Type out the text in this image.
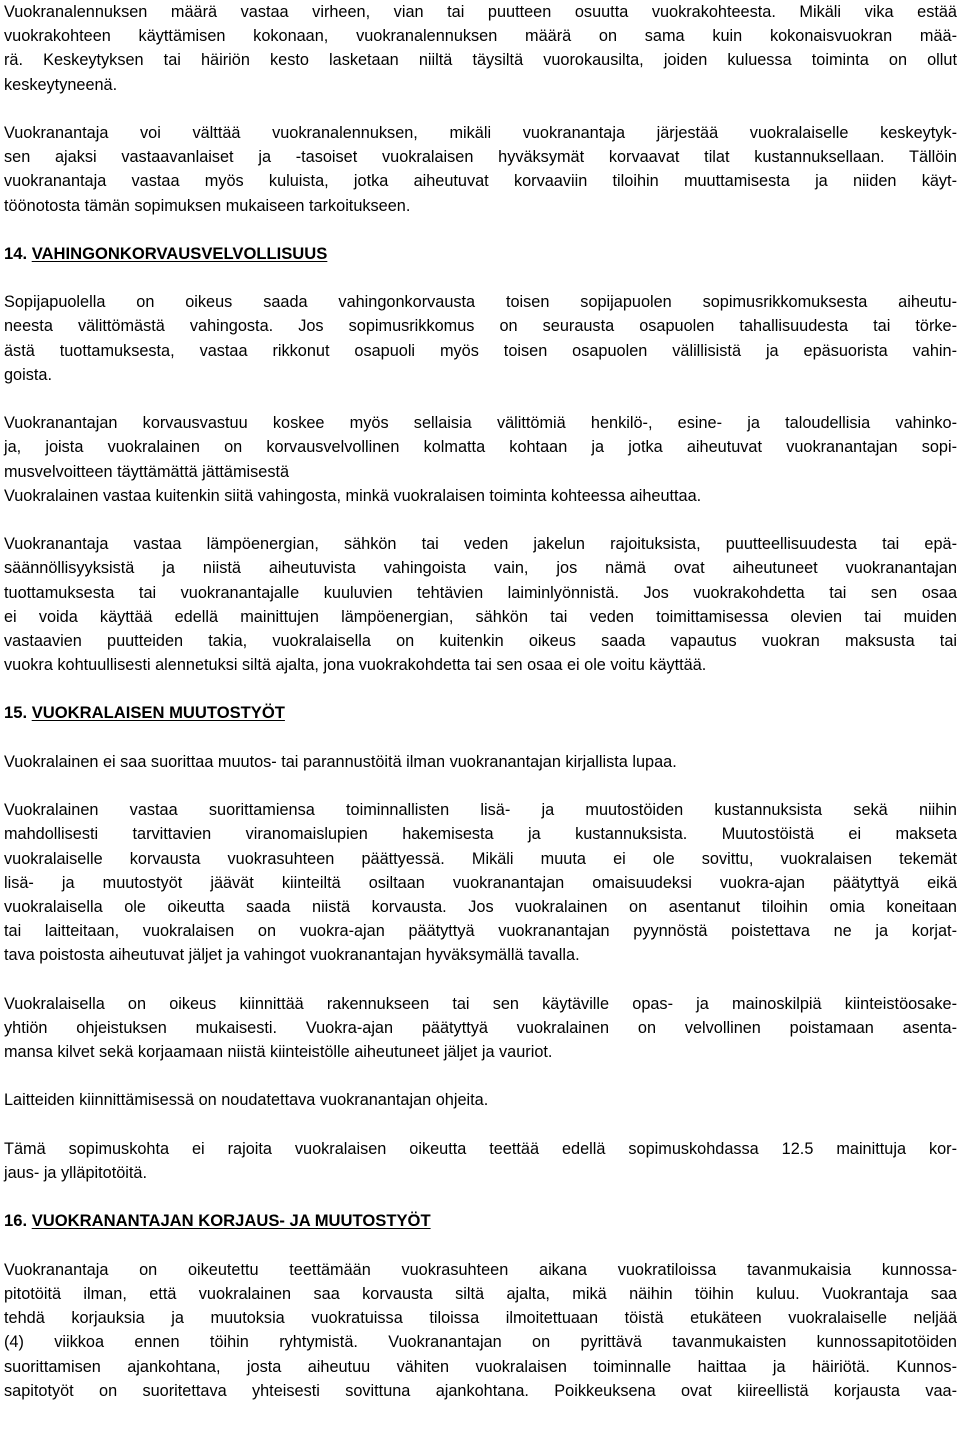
Vuokranalennuksen määrä vastaa virheen, vian tai puutteen osuutta vuokrakohteesta. Mikäli vika estää
vuokrakohteen käyttämisen kokonaan, vuokranalennuksen määrä on sama kuin kokonaisvuokran mää-
rä. Keskeytyksen tai häiriön kesto lasketaan niiltä täysiltä vuorokausilta, joiden kuluessa toiminta on ollut
keskeytyneenä.
Vuokranantaja voi välttää vuokranalennuksen, mikäli vuokranantaja järjestää vuokralaiselle keskeytyk-
sen ajaksi vastaavanlaiset ja -tasoiset vuokralaisen hyväksymät korvaavat tilat kustannuksellaan. Tällöin
vuokranantaja vastaa myös kuluista, jotka aiheutuvat korvaaviin tiloihin muuttamisesta ja niiden käyt-
töönotosta tämän sopimuksen mukaiseen tarkoitukseen.
14. VAHINGONKORVAUSVELVOLLISUUS
Sopijapuolella on oikeus saada vahingonkorvausta toisen sopijapuolen sopimusrikkomuksesta aiheutu-
neesta välittömästä vahingosta. Jos sopimusrikkomus on seurausta osapuolen tahallisuudesta tai törke-
ästä tuottamuksesta, vastaa rikkonut osapuoli myös toisen osapuolen välillisistä ja epäsuorista vahin-
goista.
Vuokranantajan korvausvastuu koskee myös sellaisia välittömiä henkilö-, esine- ja taloudellisia vahinko-
ja, joista vuokralainen on korvausvelvollinen kolmatta kohtaan ja jotka aiheutuvat vuokranantajan sopi-
musvelvoitteen täyttämättä jättämisestä
Vuokralainen vastaa kuitenkin siitä vahingosta, minkä vuokralaisen toiminta kohteessa aiheuttaa.
Vuokranantaja vastaa lämpöenergian, sähkön tai veden jakelun rajoituksista, puutteellisuudesta tai epä-
säännöllisyyksistä ja niistä aiheutuvista vahingoista vain, jos nämä ovat aiheutuneet vuokranantajan
tuottamuksesta tai vuokranantajalle kuuluvien tehtävien laiminlyönnistä. Jos vuokrakohdetta tai sen osaa
ei voida käyttää edellä mainittujen lämpöenergian, sähkön tai veden toimittamisessa olevien tai muiden
vastaavien puutteiden takia, vuokralaisella on kuitenkin oikeus saada vapautus vuokran maksusta tai
vuokra kohtuullisesti alennetuksi siltä ajalta, jona vuokrakohdetta tai sen osaa ei ole voitu käyttää.
15. VUOKRALAISEN MUUTOSTYÖT
Vuokralainen ei saa suorittaa muutos- tai parannustöitä ilman vuokranantajan kirjallista lupaa.
Vuokralainen vastaa suorittamiensa toiminnallisten lisä- ja muutostöiden kustannuksista sekä niihin
mahdollisesti tarvittavien viranomaislupien hakemisesta ja kustannuksista. Muutostöistä ei makseta
vuokralaiselle korvausta vuokrasuhteen päättyessä. Mikäli muuta ei ole sovittu, vuokralaisen tekemät
lisä- ja muutostyöt jäävät kiinteiltä osiltaan vuokranantajan omaisuudeksi vuokra-ajan päätyttyä eikä
vuokralaisella ole oikeutta saada niistä korvausta. Jos vuokralainen on asentanut tiloihin omia koneitaan
tai laitteitaan, vuokralaisen on vuokra-ajan päätyttyä vuokranantajan pyynnöstä poistettava ne ja korjat-
tava poistosta aiheutuvat jäljet ja vahingot vuokranantajan hyväksymällä tavalla.
Vuokralaisella on oikeus kiinnittää rakennukseen tai sen käytäville opas- ja mainoskilpiä kiinteistöosake-
yhtiön ohjeistuksen mukaisesti. Vuokra-ajan päätyttyä vuokralainen on velvollinen poistamaan asenta-
mansa kilvet sekä korjaamaan niistä kiinteistölle aiheutuneet jäljet ja vauriot.
Laitteiden kiinnittämisessä on noudatettava vuokranantajan ohjeita.
Tämä sopimuskohta ei rajoita vuokralaisen oikeutta teettää edellä sopimuskohdassa 12.5 mainittuja kor-
jaus- ja ylläpitotöitä.
16. VUOKRANANTAJAN KORJAUS- JA MUUTOSTYÖT
Vuokranantaja on oikeutettu teettämään vuokrasuhteen aikana vuokratiloissa tavanmukaisia kunnossa-
pitotöitä ilman, että vuokralainen saa korvausta siltä ajalta, mikä näihin töihin kuluu. Vuokrantaja saa
tehdä korjauksia ja muutoksia vuokratuissa tiloissa ilmoitettuaan töistä etukäteen vuokralaiselle neljää
(4) viikkoa ennen töihin ryhtymistä. Vuokranantajan on pyrittävä tavanmukaisten kunnossapitotöiden
suorittamisen ajankohtana, josta aiheutuu vähiten vuokralaisen toiminnalle haittaa ja häiriötä. Kunnos-
sapitotyöt on suoritettava yhteisesti sovittuna ajankohtana. Poikkeuksena ovat kiireellistä korjausta vaa-
